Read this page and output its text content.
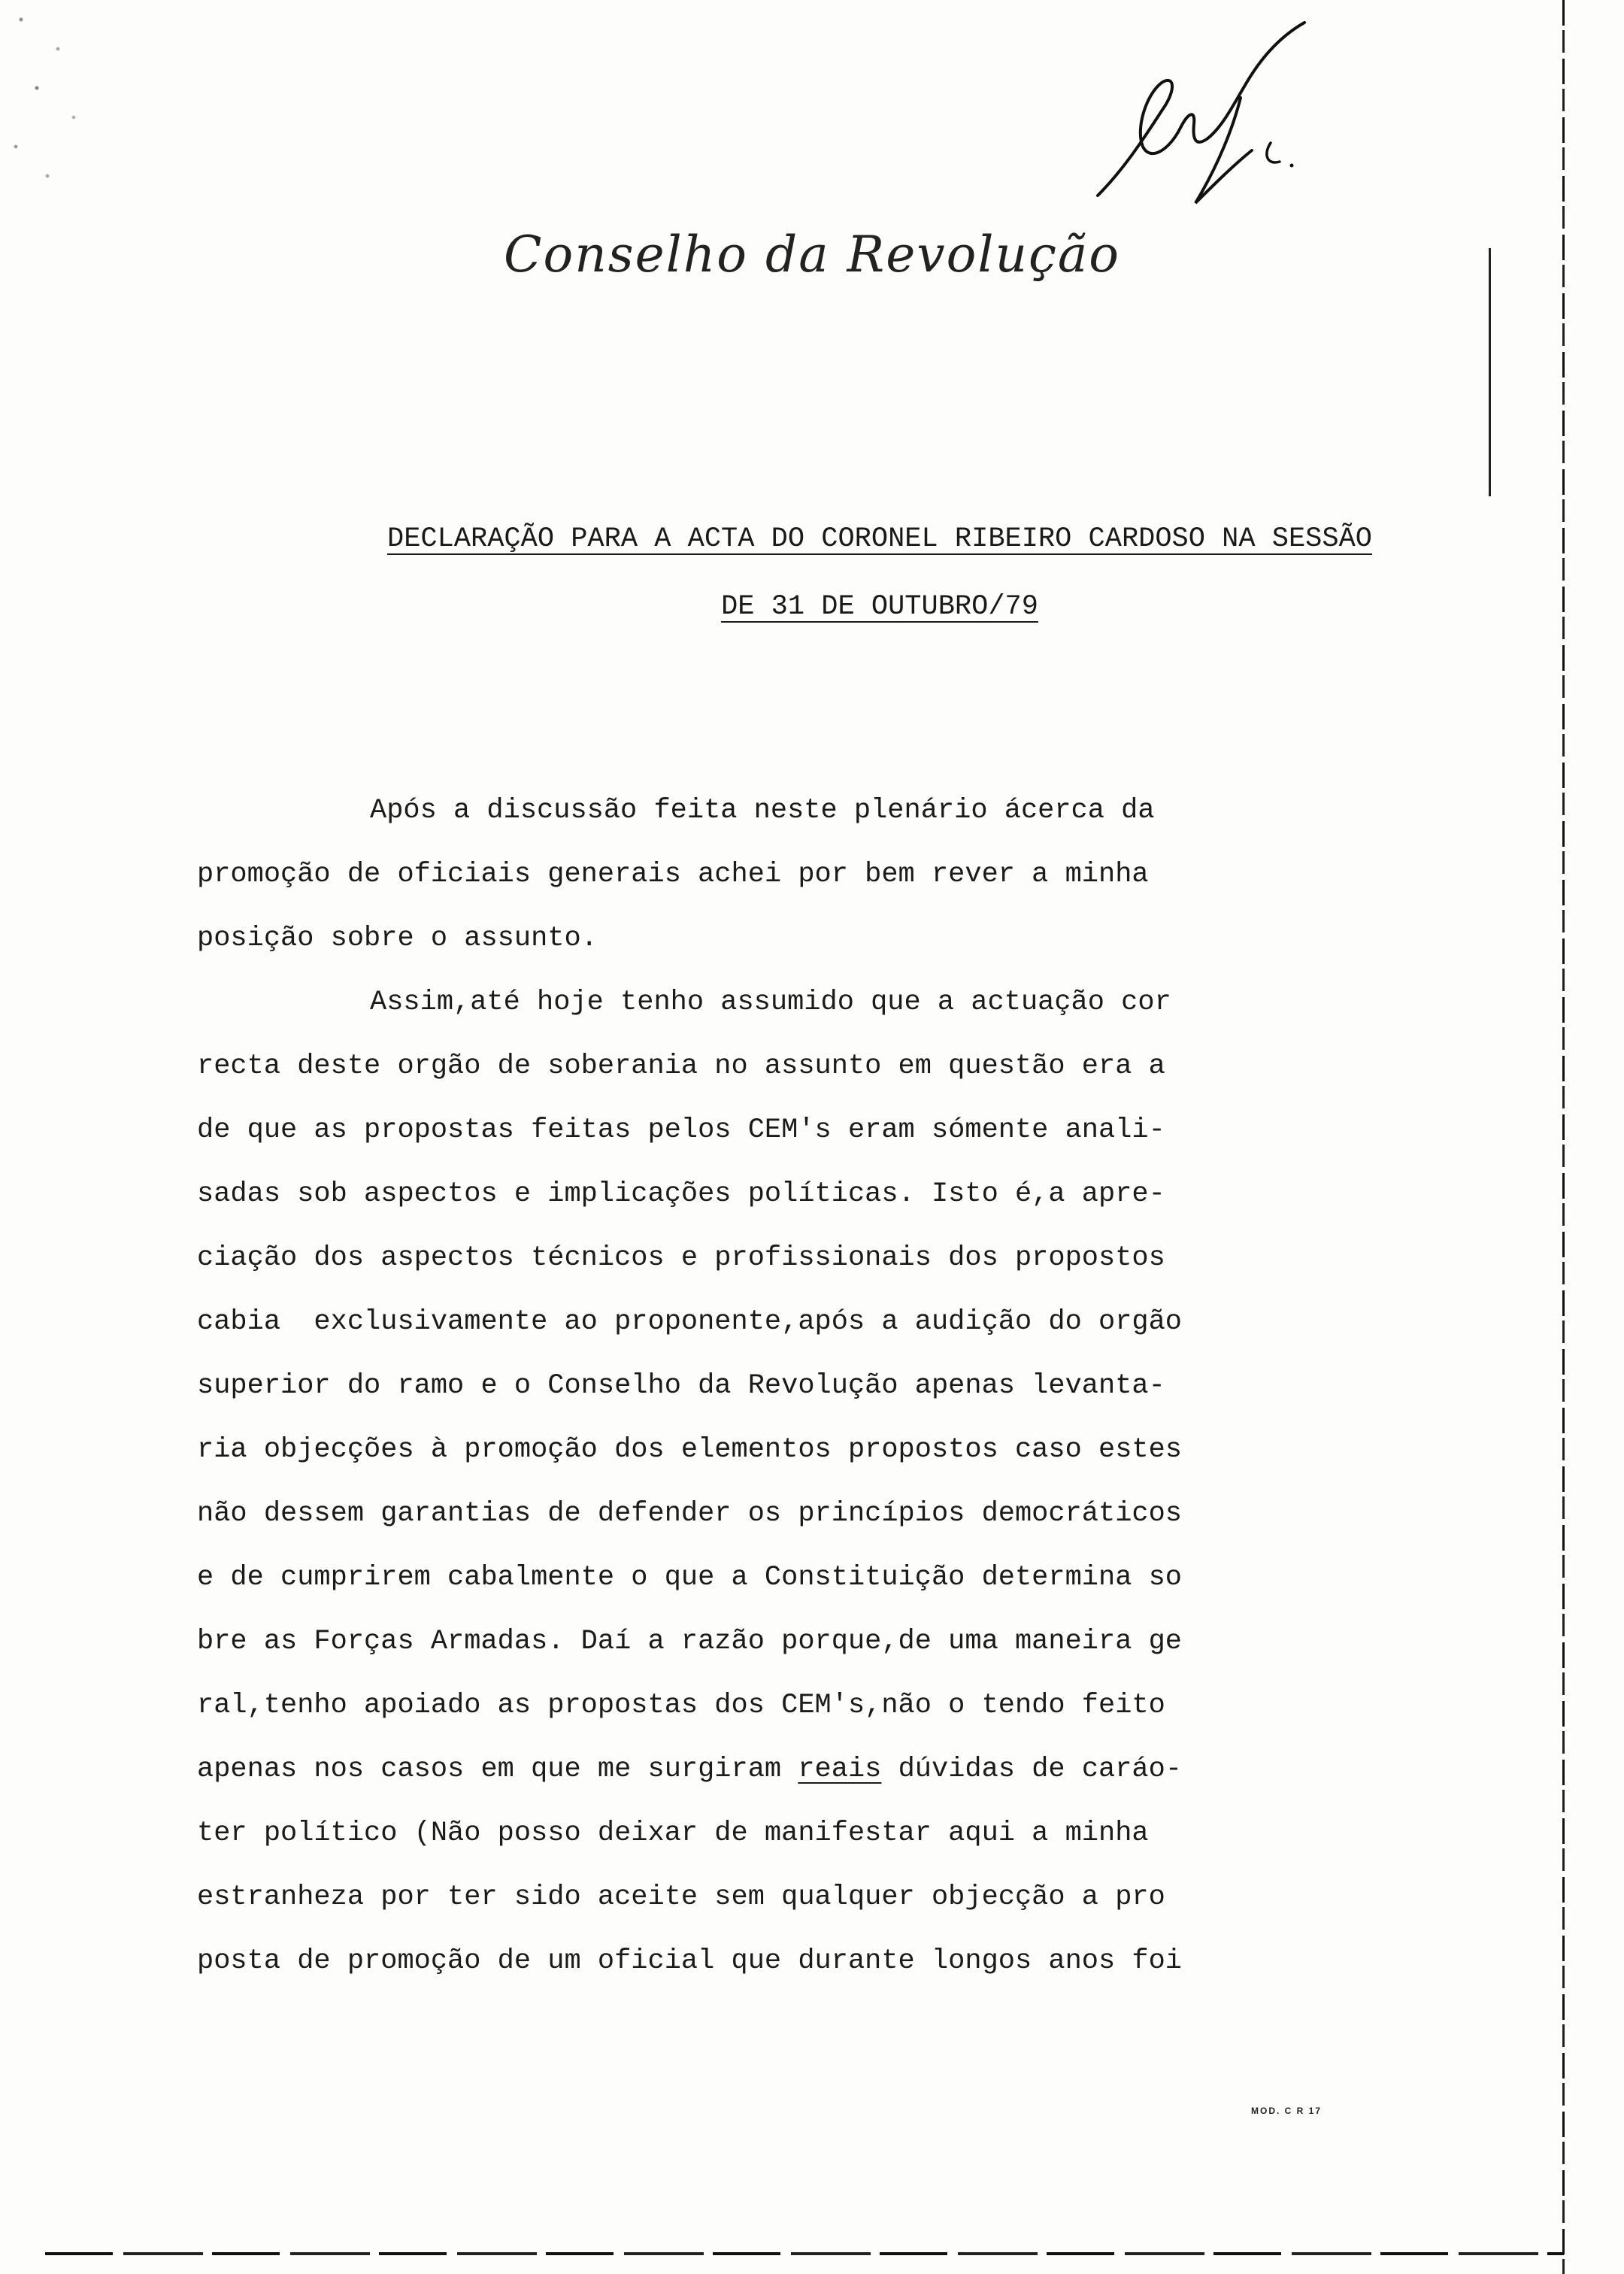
Conselho da Revolução
DECLARAÇÃO PARA A ACTA DO CORONEL RIBEIRO CARDOSO NA SESSÃO
DE 31 DE OUTUBRO/79
Após a discussão feita neste plenário ácerca da
promoção de oficiais generais achei por bem rever a minha
posição sobre o assunto.
Assim,até hoje tenho assumido que a actuação cor
recta deste orgão de soberania no assunto em questão era a
de que as propostas feitas pelos CEM's eram sómente anali-
sadas sob aspectos e implicações políticas. Isto é,a apre-
ciação dos aspectos técnicos e profissionais dos propostos
cabia  exclusivamente ao proponente,após a audição do orgão
superior do ramo e o Conselho da Revolução apenas levanta-
ria objecções à promoção dos elementos propostos caso estes
não dessem garantias de defender os princípios democráticos
e de cumprirem cabalmente o que a Constituição determina so
bre as Forças Armadas. Daí a razão porque,de uma maneira ge
ral,tenho apoiado as propostas dos CEM's,não o tendo feito
apenas nos casos em que me surgiram reais dúvidas de caráo-
ter político (Não posso deixar de manifestar aqui a minha
estranheza por ter sido aceite sem qualquer objecção a pro
posta de promoção de um oficial que durante longos anos foi
MOD. C R 17
